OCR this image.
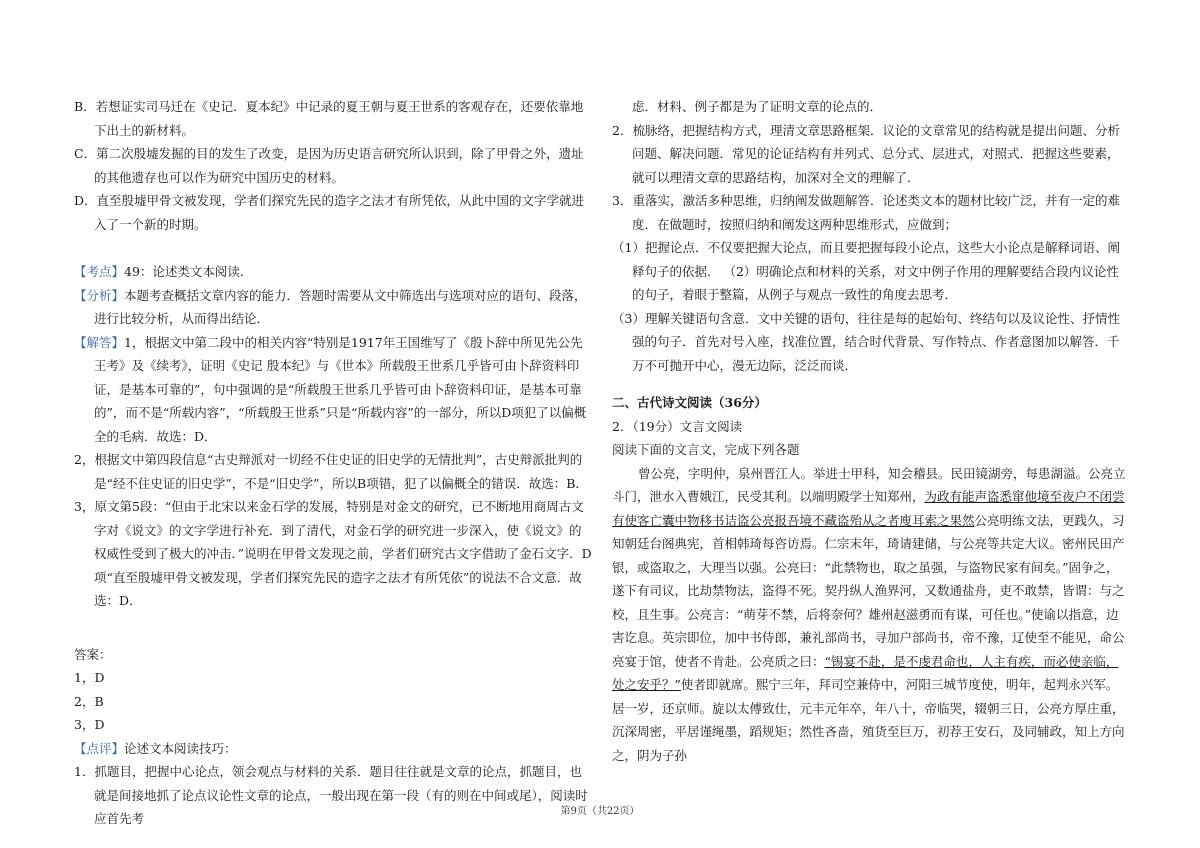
B．若想证实司马迁在《史记．夏本纪》中记录的夏王朝与夏王世系的客观存在，还要依靠地下出土的新材料。

C．第二次殷墟发掘的目的发生了改变，是因为历史语言研究所认识到，除了甲骨之外，遗址的其他遗存也可以作为研究中国历史的材料。

D．直至殷墟甲骨文被发现，学者们探究先民的造字之法才有所凭依，从此中国的文字学就进入了一个新的时期。

【考点】49：论述类文本阅读．

【分析】本题考查概括文章内容的能力．答题时需要从文中筛选出与选项对应的语句、段落，进行比较分析，从而得出结论．

【解答】1，根据文中第二段中的相关内容“特别是1917年王国维写了《殷卜辞中所见先公先王考》及《续考》，证明《史记 殷本纪》与《世本》所载殷王世系几乎皆可由卜辞资料印证，是基本可靠的”，句中强调的是“所载殷王世系几乎皆可由卜辞资料印证，是基本可靠的”，而不是“所载内容”，“所载殷王世系”只是“所载内容”的一部分，所以D项犯了以偏概全的毛病．故选：D．

2，根据文中第四段信息“古史辩派对一切经不住史证的旧史学的无情批判”，古史辩派批判的是“经不住史证的旧史学”，不是“旧史学”，所以B项错，犯了以偏概全的错误．故选：B．

3，原文第5段：“但由于北宋以来金石学的发展，特别是对金文的研究，已不断地用商周古文字对《说文》的文字学进行补充．到了清代，对金石学的研究进一步深入，使《说文》的权威性受到了极大的冲击．”说明在甲骨文发现之前，学者们研究古文字借助了金石文字．D项“直至殷墟甲骨文被发现，学者们探究先民的造字之法才有所凭依”的说法不合文意．故选：D．

答案：

1，D

2，B

3，D

【点评】论述文本阅读技巧：

1．抓题目，把握中心论点，领会观点与材料的关系．题目往往就是文章的论点，抓题目，也就是间接地抓了论点议论性文章的论点，一般出现在第一段（有的则在中间或尾），阅读时应首先考

虑．材料、例子都是为了证明文章的论点的．

2．梳脉络，把握结构方式，理清文章思路框架．议论的文章常见的结构就是提出问题、分析问题、解决问题．常见的论证结构有并列式、总分式、层进式，对照式．把握这些要素，就可以理清文章的思路结构，加深对全文的理解了．

3．重落实，激活多种思维，归纳阐发做题解答．论述类文本的题材比较广泛，并有一定的难度．在做题时，按照归纳和阐发这两种思维形式，应做到；

（1）把握论点．不仅要把握大论点，而且要把握每段小论点，这些大小论点是解释词语、阐释句子的依据． （2）明确论点和材料的关系，对文中例子作用的理解要结合段内议论性的句子，着眼于整篇，从例子与观点一致性的角度去思考．

（3）理解关键语句含意．文中关键的语句，往往是每的起始句、终结句以及议论性、抒情性强的句子．首先对号入座，找准位置，结合时代背景、写作特点、作者意图加以解答．千万不可抛开中心，漫无边际，泛泛而谈．

二、古代诗文阅读（36分）

2．（19分）文言文阅读

阅读下面的文言文，完成下列各题

曾公亮，字明仲，泉州晋江人。举进士甲科，知会稽县。民田镜湖旁，每患湖溢。公亮立斗门，泄水入曹娥江，民受其利。以端明殿学士知郑州，为政有能声盗悉窜他境至夜户不闭尝有使客亡囊中物移书诘盗公亮报吾境不藏盗殆从之者廋耳索之果然公亮明练文法，更践久，习知朝廷台阁典宪，首相韩琦每咨访焉。仁宗末年，琦请建储，与公亮等共定大议。密州民田产银，或盗取之，大理当以强。公亮曰：“此禁物也，取之虽强，与盗物民家有间矣。”固争之，遂下有司议，比劫禁物法，盗得不死。契丹纵人渔界河，又数通盐舟，吏不敢禁，皆谓：与之校，且生事。公亮言：“萌芽不禁，后将奈何？雄州赵滋勇而有谋，可任也。”使谕以指意，边害讫息。英宗即位，加中书侍郎，兼礼部尚书，寻加户部尚书，帝不豫，辽使至不能见，命公亮宴于馆，使者不肯赴。公亮质之曰：“锡宴不赴，是不虔君命也，人主有疾，而必使亲临，处之安乎？”使者即就席。熙宁三年，拜司空兼侍中，河阳三城节度使，明年，起判永兴军。居一岁，还京师。旋以太傅致仕，元丰元年卒，年八十，帝临哭，辍朝三日，公亮方厚庄重，沉深周密，平居谨绳墨，蹈规矩；然性吝啬，殖货至巨万，初荐王安石，及同辅政，知上方向之，阴为子孙

第9页（共22页）
